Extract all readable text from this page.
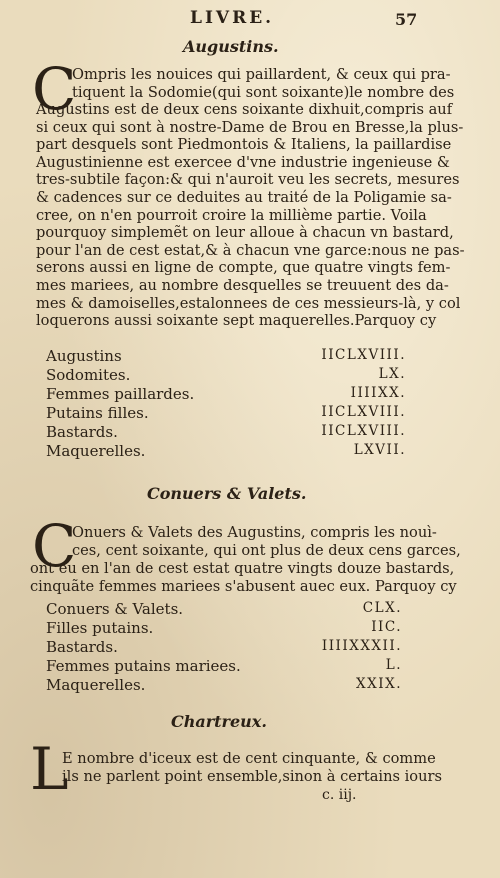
LIVRE.	57
Augustins.
C
Ompris les nouices qui paillardent, & ceux qui pra-
tiquent la Sodomie(qui sont soixante)le nombre des
Augustins est de deux cens soixante dixhuit,compris auf
si ceux qui sont à nostre-Dame de Brou en Bresse,la plus-
part desquels sont Piedmontois & Italiens, la paillardise
Augustinienne est exercee d'vne industrie ingenieuse &
tres-subtile façon:& qui n'auroit veu les secrets, mesures
& cadences sur ce deduites au traité de la Poligamie sa-
cree, on n'en pourroit croire la millième partie. Voila
pourquoy simplemẽt on leur alloue à chacun vn bastard,
pour l'an de cest estat,& à chacun vne garce:nous ne pas-
serons aussi en ligne de compte, que quatre vingts fem-
mes mariees, au nombre desquelles se treuuent des da-
mes & damoiselles,estalonnees de ces messieurs-là, y col
loquerons aussi soixante sept maquerelles.Parquoy cy
Augustins	IICLXVIII.
Sodomites.	LX.
Femmes paillardes.	IIIIXX.
Putains filles.	IICLXVIII.
Bastards.	IICLXVIII.
Maquerelles.	LXVII.
Conuers & Valets.
C
Onuers & Valets des Augustins, compris les nouì-
ces, cent soixante, qui ont plus de deux cens garces,
ont eu en l'an de cest estat quatre vingts douze bastards,
cinquãte femmes mariees s'abusent auec eux. Parquoy cy
Conuers & Valets.	CLX.
Filles putains.	IIC.
Bastards.	IIIIXXXII.
Femmes putains mariees.	L.
Maquerelles.	XXIX.
Chartreux.
L
E nombre d'iceux est de cent cinquante, & comme
ils ne parlent point ensemble,sinon à certains iours
c. iij.
